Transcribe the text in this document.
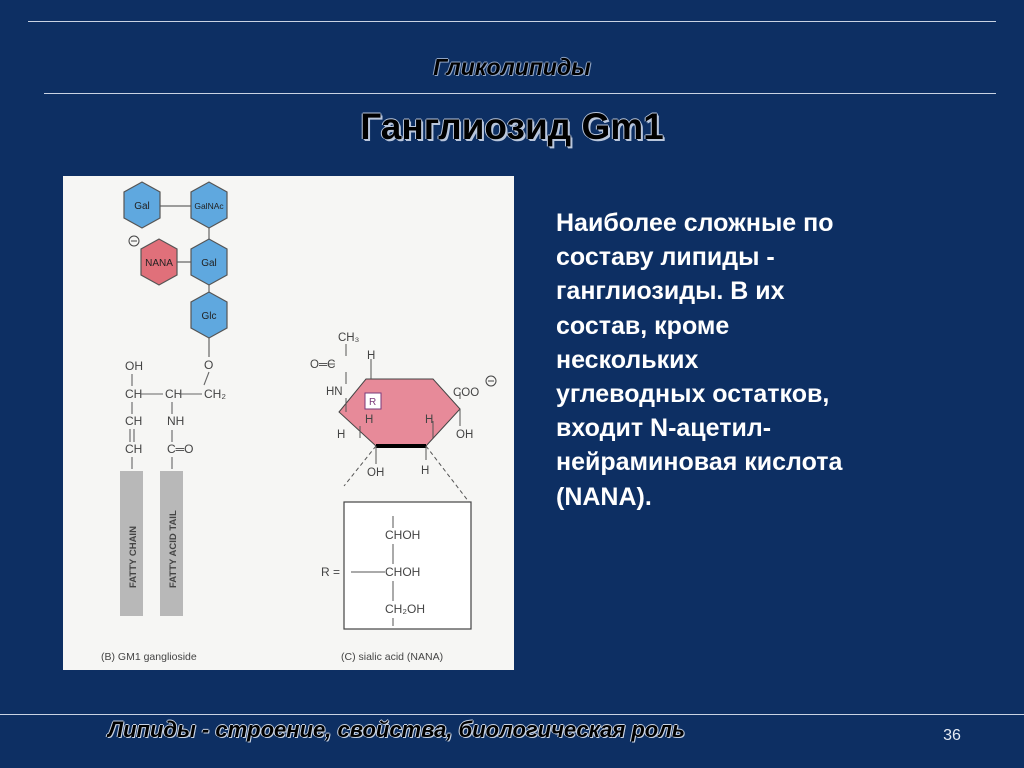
Гликолипиды
Ганглиозид Gm1
Gal	GalNAc
NANA	Gal
Glc
OH
CH CH CH₂
CH NH
CH C═O
O
FATTY CHAIN	FATTY ACID TAIL
(B) GM1 ganglioside
CH₃
O═C
HN
H
H
H	H
COO
OH
OH	H
R
R =
CHOH
CHOH
CH₂OH
(C) sialic acid (NANA)

Наиболее сложные по
составу липиды -
ганглиозиды. В их
состав, кроме
нескольких
углеводных остатков,
входит N-ацетил-
нейраминовая кислота
(NANA).

Липиды - строение, свойства, биологическая роль	36
